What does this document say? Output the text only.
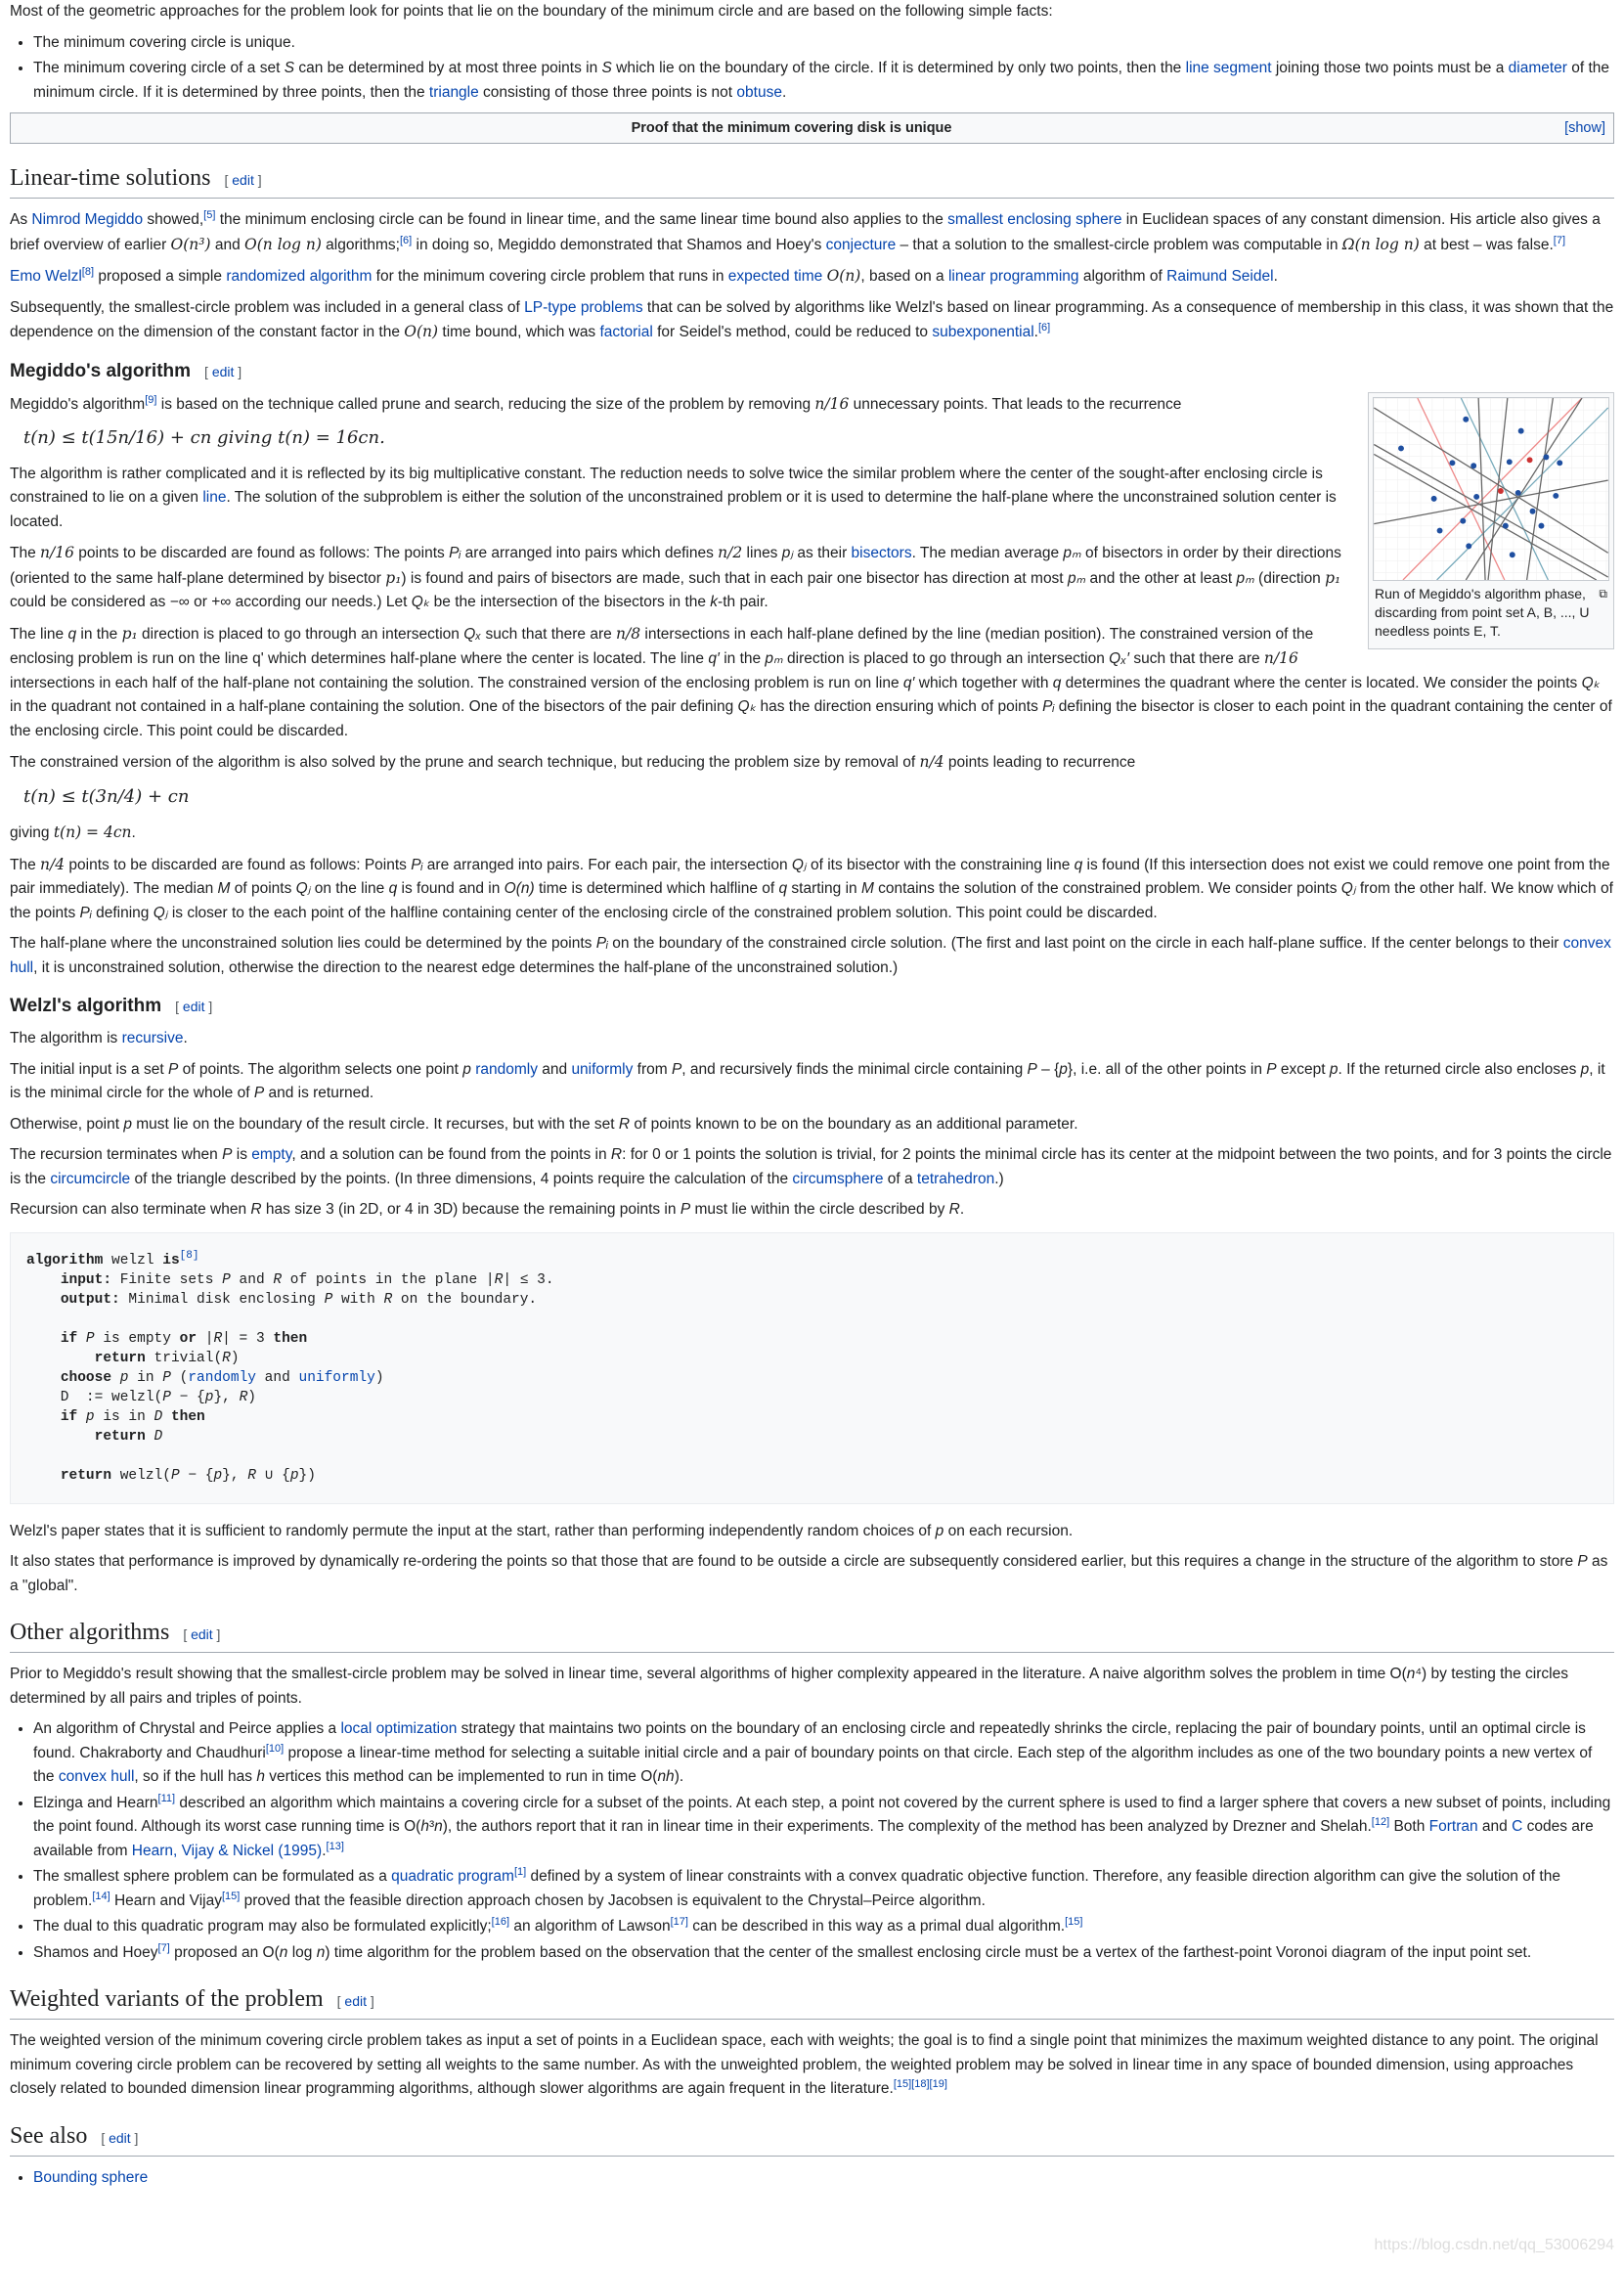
Most of the geometric approaches for the problem look for points that lie on the boundary of the minimum circle and are based on the following simple facts:

• The minimum covering circle is unique.
• The minimum covering circle of a set S can be determined by at most three points in S which lie on the boundary of the circle. If it is determined by only two points, then the line segment joining those two points must be a diameter of the minimum circle. If it is determined by three points, then the triangle consisting of those three points is not obtuse.
Proof that the minimum covering disk is unique	[show]
Linear-time solutions [ edit ]

As Nimrod Megiddo showed,[5] the minimum enclosing circle can be found in linear time, and the same linear time bound also applies to the smallest enclosing sphere in Euclidean spaces of any constant dimension. His article also gives a brief overview of earlier O(n³) and O(n log n) algorithms;[6] in doing so, Megiddo demonstrated that Shamos and Hoey's conjecture – that a solution to the smallest-circle problem was computable in Ω(n log n) at best – was false.[7]

Emo Welzl[8] proposed a simple randomized algorithm for the minimum covering circle problem that runs in expected time O(n), based on a linear programming algorithm of Raimund Seidel.

Subsequently, the smallest-circle problem was included in a general class of LP-type problems that can be solved by algorithms like Welzl's based on linear programming. As a consequence of membership in this class, it was shown that the dependence on the dimension of the constant factor in the O(n) time bound, which was factorial for Seidel's method, could be reduced to subexponential.[6]

Megiddo's algorithm [ edit ]
Run of Megiddo's algorithm phase, discarding from point set A, B, ..., U needless points E, T.
⧉

Megiddo's algorithm[9] is based on the technique called prune and search, reducing the size of the problem by removing n/16 unnecessary points. That leads to the recurrence

t(n) ≤ t(15n/16) + cn giving t(n) = 16cn.

The algorithm is rather complicated and it is reflected by its big multiplicative constant. The reduction needs to solve twice the similar problem where the center of the sought-after enclosing circle is constrained to lie on a given line. The solution of the subproblem is either the solution of the unconstrained problem or it is used to determine the half-plane where the unconstrained solution center is located.

The n/16 points to be discarded are found as follows: The points Pᵢ are arranged into pairs which defines n/2 lines pⱼ as their bisectors. The median average pₘ of bisectors in order by their directions (oriented to the same half-plane determined by bisector p₁) is found and pairs of bisectors are made, such that in each pair one bisector has direction at most pₘ and the other at least pₘ (direction p₁ could be considered as −∞ or +∞ according our needs.) Let Qₖ be the intersection of the bisectors in the k-th pair.

The line q in the p₁ direction is placed to go through an intersection Qₓ such that there are n/8 intersections in each half-plane defined by the line (median position). The constrained version of the enclosing problem is run on the line q' which determines half-plane where the center is located. The line q′ in the pₘ direction is placed to go through an intersection Qₓ′ such that there are n/16 intersections in each half of the half-plane not containing the solution. The constrained version of the enclosing problem is run on line q′ which together with q determines the quadrant where the center is located. We consider the points Qₖ in the quadrant not contained in a half-plane containing the solution. One of the bisectors of the pair defining Qₖ has the direction ensuring which of points Pᵢ defining the bisector is closer to each point in the quadrant containing the center of the enclosing circle. This point could be discarded.

The constrained version of the algorithm is also solved by the prune and search technique, but reducing the problem size by removal of n/4 points leading to recurrence

t(n) ≤ t(3n/4) + cn

giving t(n) = 4cn.

The n/4 points to be discarded are found as follows: Points Pᵢ are arranged into pairs. For each pair, the intersection Qⱼ of its bisector with the constraining line q is found (If this intersection does not exist we could remove one point from the pair immediately). The median M of points Qⱼ on the line q is found and in O(n) time is determined which halfline of q starting in M contains the solution of the constrained problem. We consider points Qⱼ from the other half. We know which of the points Pᵢ defining Qⱼ is closer to the each point of the halfline containing center of the enclosing circle of the constrained problem solution. This point could be discarded.

The half-plane where the unconstrained solution lies could be determined by the points Pᵢ on the boundary of the constrained circle solution. (The first and last point on the circle in each half-plane suffice. If the center belongs to their convex hull, it is unconstrained solution, otherwise the direction to the nearest edge determines the half-plane of the unconstrained solution.)

Welzl's algorithm [ edit ]

The algorithm is recursive.

The initial input is a set P of points. The algorithm selects one point p randomly and uniformly from P, and recursively finds the minimal circle containing P – {p}, i.e. all of the other points in P except p. If the returned circle also encloses p, it is the minimal circle for the whole of P and is returned.

Otherwise, point p must lie on the boundary of the result circle. It recurses, but with the set R of points known to be on the boundary as an additional parameter.

The recursion terminates when P is empty, and a solution can be found from the points in R: for 0 or 1 points the solution is trivial, for 2 points the minimal circle has its center at the midpoint between the two points, and for 3 points the circle is the circumcircle of the triangle described by the points. (In three dimensions, 4 points require the calculation of the circumsphere of a tetrahedron.)

Recursion can also terminate when R has size 3 (in 2D, or 4 in 3D) because the remaining points in P must lie within the circle described by R.

algorithm welzl is[8]
input: Finite sets P and R of points in the plane |R| ≤ 3.
output: Minimal disk enclosing P with R on the boundary.

if P is empty or |R| = 3 then
return trivial(R)
choose p in P (randomly and uniformly)
D  := welzl(P − {p}, R)
if p is in D then
return D

return welzl(P − {p}, R ∪ {p})

Welzl's paper states that it is sufficient to randomly permute the input at the start, rather than performing independently random choices of p on each recursion.

It also states that performance is improved by dynamically re-ordering the points so that those that are found to be outside a circle are subsequently considered earlier, but this requires a change in the structure of the algorithm to store P as a "global".

Other algorithms [ edit ]

Prior to Megiddo's result showing that the smallest-circle problem may be solved in linear time, several algorithms of higher complexity appeared in the literature. A naive algorithm solves the problem in time O(n⁴) by testing the circles determined by all pairs and triples of points.

• An algorithm of Chrystal and Peirce applies a local optimization strategy that maintains two points on the boundary of an enclosing circle and repeatedly shrinks the circle, replacing the pair of boundary points, until an optimal circle is found. Chakraborty and Chaudhuri[10] propose a linear-time method for selecting a suitable initial circle and a pair of boundary points on that circle. Each step of the algorithm includes as one of the two boundary points a new vertex of the convex hull, so if the hull has h vertices this method can be implemented to run in time O(nh).
• Elzinga and Hearn[11] described an algorithm which maintains a covering circle for a subset of the points. At each step, a point not covered by the current sphere is used to find a larger sphere that covers a new subset of points, including the point found. Although its worst case running time is O(h³n), the authors report that it ran in linear time in their experiments. The complexity of the method has been analyzed by Drezner and Shelah.[12] Both Fortran and C codes are available from Hearn, Vijay & Nickel (1995).[13]
• The smallest sphere problem can be formulated as a quadratic program[1] defined by a system of linear constraints with a convex quadratic objective function. Therefore, any feasible direction algorithm can give the solution of the problem.[14] Hearn and Vijay[15] proved that the feasible direction approach chosen by Jacobsen is equivalent to the Chrystal–Peirce algorithm.
• The dual to this quadratic program may also be formulated explicitly;[16] an algorithm of Lawson[17] can be described in this way as a primal dual algorithm.[15]
• Shamos and Hoey[7] proposed an O(n log n) time algorithm for the problem based on the observation that the center of the smallest enclosing circle must be a vertex of the farthest-point Voronoi diagram of the input point set.
Weighted variants of the problem [ edit ]

The weighted version of the minimum covering circle problem takes as input a set of points in a Euclidean space, each with weights; the goal is to find a single point that minimizes the maximum weighted distance to any point. The original minimum covering circle problem can be recovered by setting all weights to the same number. As with the unweighted problem, the weighted problem may be solved in linear time in any space of bounded dimension, using approaches closely related to bounded dimension linear programming algorithms, although slower algorithms are again frequent in the literature.[15][18][19]

See also [ edit ]
• Bounding sphere
https://blog.csdn.net/qq_53006294
